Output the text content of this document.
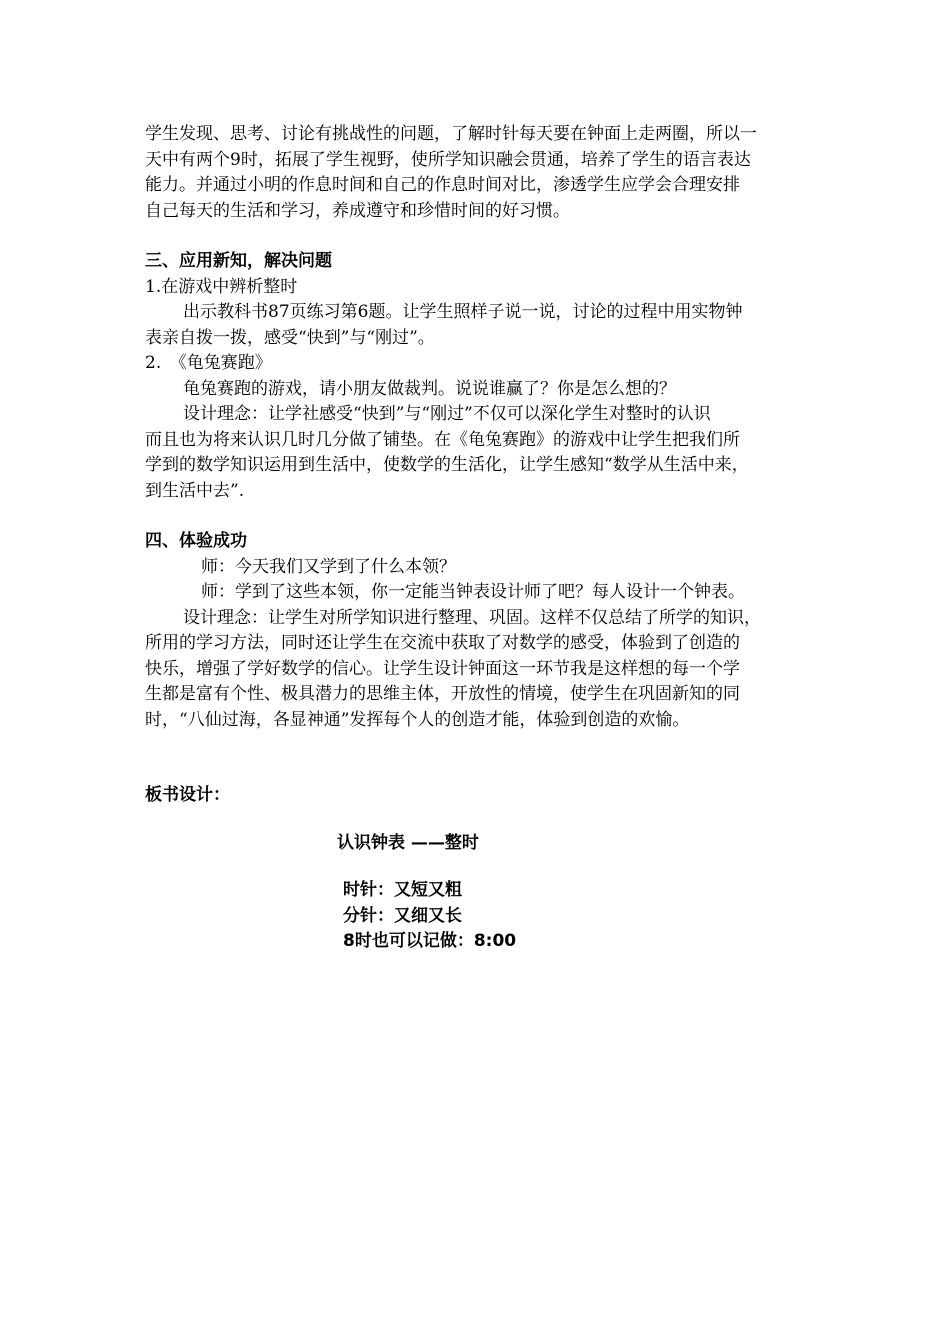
学生发现、思考、讨论有挑战性的问题，了解时针每天要在钟面上走两圈，所以一

天中有两个9时，拓展了学生视野，使所学知识融会贯通，培养了学生的语言表达

能力。并通过小明的作息时间和自己的作息时间对比，渗透学生应学会合理安排

自己每天的生活和学习，养成遵守和珍惜时间的好习惯。

三、应用新知，解决问题

1.在游戏中辨析整时

出示教科书87页练习第6题。让学生照样子说一说，讨论的过程中用实物钟

表亲自拨一拨，感受“快到”与“刚过”。

2.　《龟兔赛跑》

龟兔赛跑的游戏，请小朋友做裁判。说说谁赢了？你是怎么想的？

设计理念：让学社感受“快到”与“刚过”不仅可以深化学生对整时的认识

而且也为将来认识几时几分做了铺垫。在《龟兔赛跑》的游戏中让学生把我们所

学到的数学知识运用到生活中，使数学的生活化，让学生感知“数学从生活中来，

到生活中去”.

四、体验成功

师：今天我们又学到了什么本领？

师：学到了这些本领，你一定能当钟表设计师了吧？每人设计一个钟表。

设计理念：让学生对所学知识进行整理、巩固。这样不仅总结了所学的知识，

所用的学习方法，同时还让学生在交流中获取了对数学的感受，体验到了创造的

快乐，增强了学好数学的信心。让学生设计钟面这一环节我是这样想的每一个学

生都是富有个性、极具潜力的思维主体，开放性的情境，使学生在巩固新知的同

时，“八仙过海，各显神通”发挥每个人的创造才能，体验到创造的欢愉。

板书设计：

认识钟表 ——整时

时针：又短又粗

分针：又细又长

8时也可以记做：8:00
